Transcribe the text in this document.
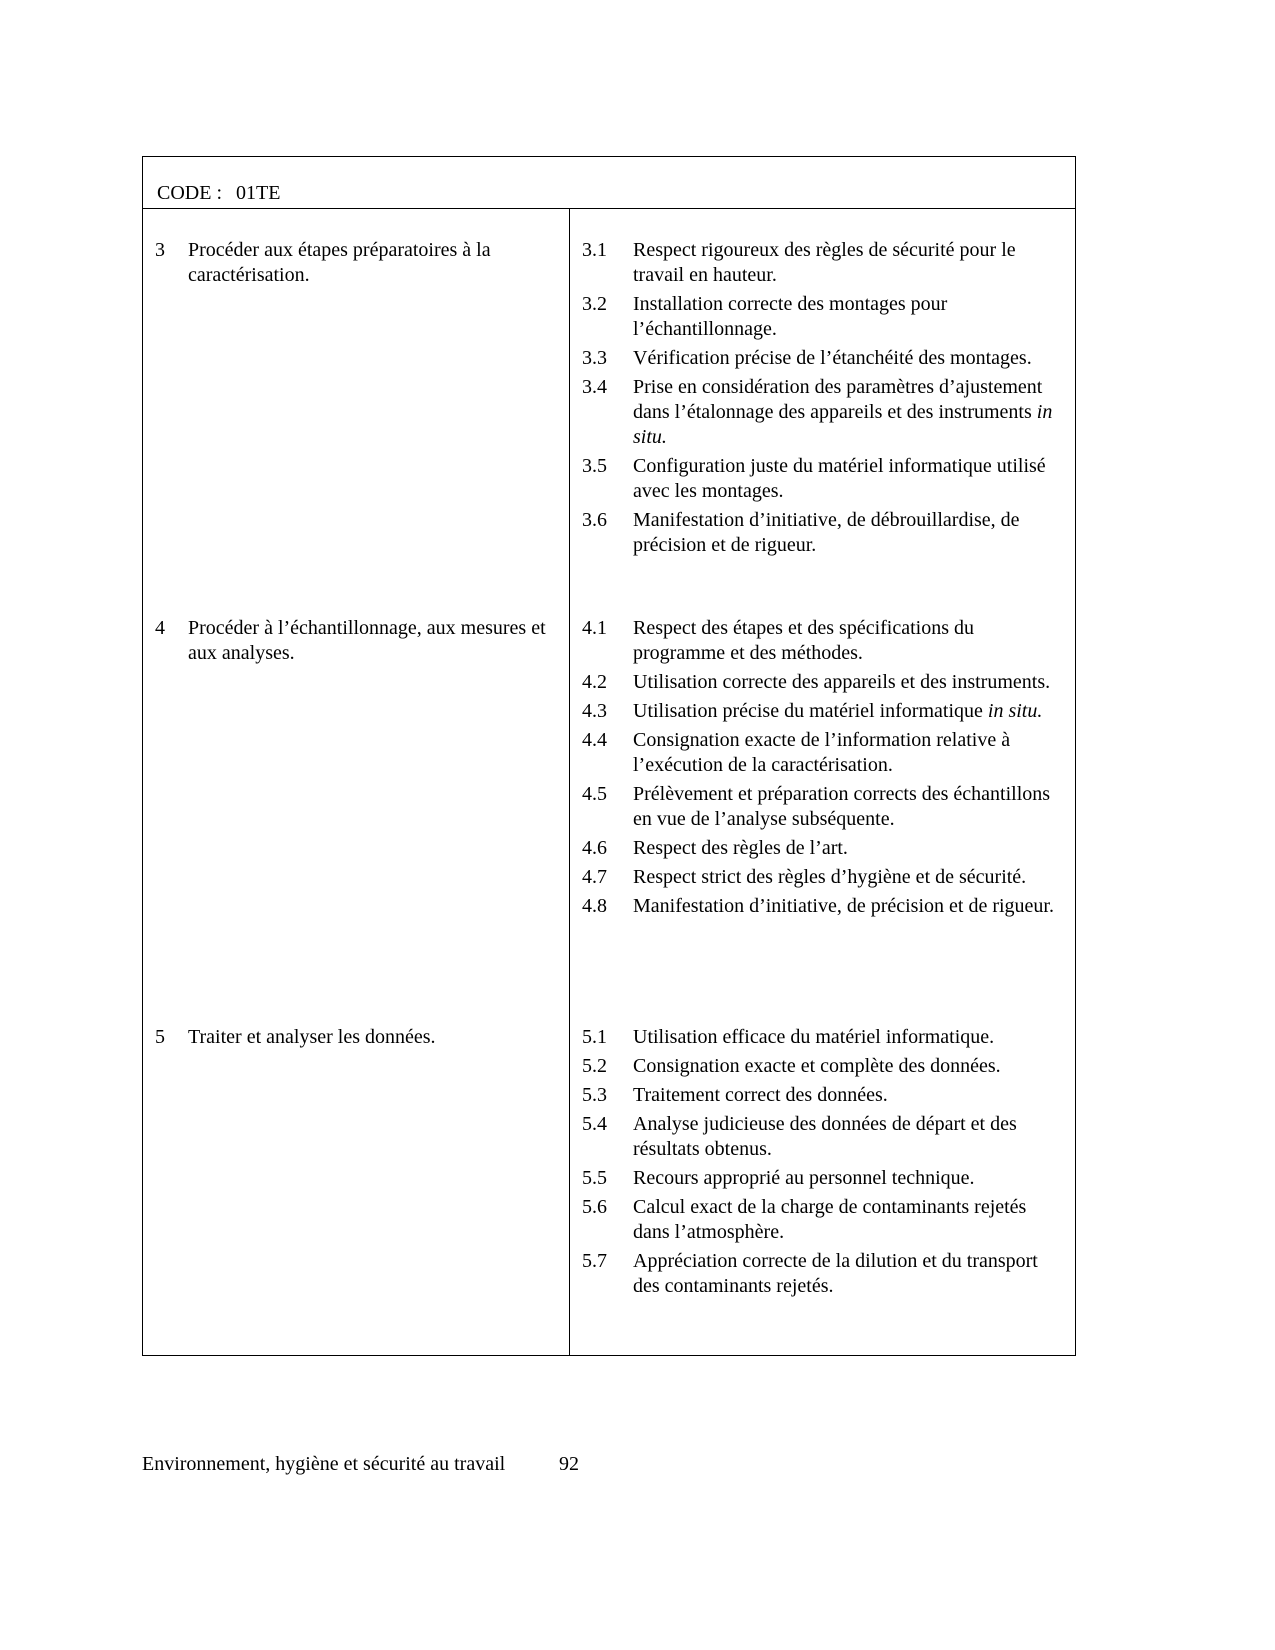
CODE : 01TE
3 Procéder aux étapes préparatoires à la caractérisation.
3.1 Respect rigoureux des règles de sécurité pour le travail en hauteur.
3.2 Installation correcte des montages pour l’échantillonnage.
3.3 Vérification précise de l’étanchéité des montages.
3.4 Prise en considération des paramètres d’ajustement dans l’étalonnage des appareils et des instruments in situ.
3.5 Configuration juste du matériel informatique utilisé avec les montages.
3.6 Manifestation d’initiative, de débrouillardise, de précision et de rigueur.
4 Procéder à l’échantillonnage, aux mesures et aux analyses.
4.1 Respect des étapes et des spécifications du programme et des méthodes.
4.2 Utilisation correcte des appareils et des instruments.
4.3 Utilisation précise du matériel informatique in situ.
4.4 Consignation exacte de l’information relative à l’exécution de la caractérisation.
4.5 Prélèvement et préparation corrects des échantillons en vue de l’analyse subséquente.
4.6 Respect des règles de l’art.
4.7 Respect strict des règles d’hygiène et de sécurité.
4.8 Manifestation d’initiative, de précision et de rigueur.
5 Traiter et analyser les données.	5.1 Utilisation efficace du matériel informatique.
5.2 Consignation exacte et complète des données.
5.3 Traitement correct des données.
5.4 Analyse judicieuse des données de départ et des résultats obtenus.
5.5 Recours approprié au personnel technique.
5.6 Calcul exact de la charge de contaminants rejetés dans l’atmosphère.
5.7 Appréciation correcte de la dilution et du transport des contaminants rejetés.
Environnement, hygiène et sécurité au travail	92
